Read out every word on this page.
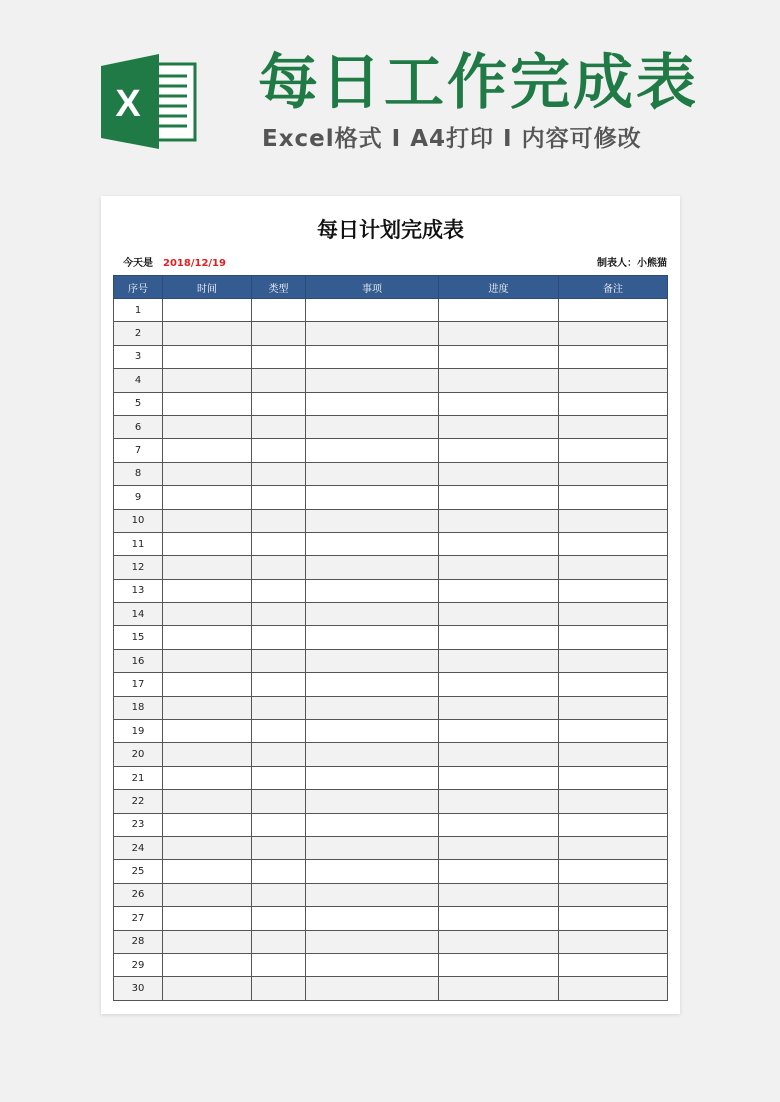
X 每日工作完成表
Excel格式 I A4打印 I 内容可修改
每日计划完成表
今天是 2018/12/19	制表人：小熊猫
序号	时间	类型	事项	进度	备注
1					
2					
3					
4					
5					
6					
7					
8					
9					
10					
11					
12					
13					
14					
15					
16					
17					
18					
19					
20					
21					
22					
23					
24					
25					
26					
27					
28					
29					
30					
